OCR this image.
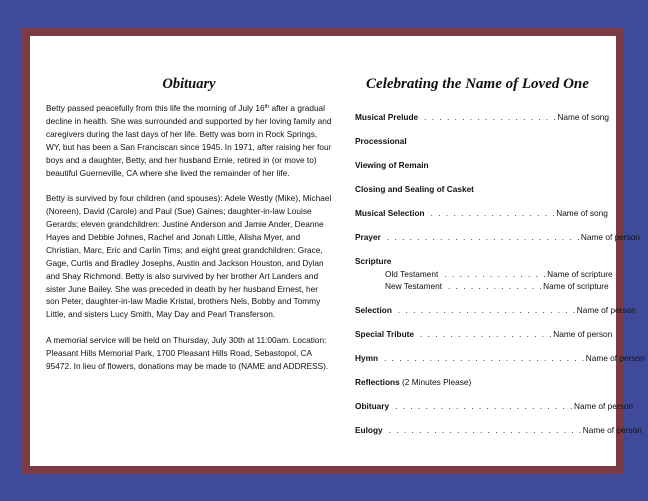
Obituary

Betty passed peacefully from this life the morning of July 16th after a gradual decline in health. She was surrounded and supported by her loving family and caregivers during the last days of her life. Betty was born in Rock Springs, WY, but has been a San Franciscan since 1945. In 1971, after raising her four boys and a daughter, Betty, and her husband Ernie, retired in (or move to) beautiful Guerneville, CA where she lived the remainder of her life.

Betty is survived by four children (and spouses): Adele Westly (Mike), Michael (Noreen), David (Carole) and Paul (Sue) Gaines; daughter-in-law Louise Gerards; eleven grandchildren: Justine Anderson and Jamie Ander, Deanne Hayes and Debbie Johnes, Rachel and Jonah Little, Alisha Myer, and Christian, Marc, Eric and Carlin Tims; and eight great grandchildren: Grace, Gage, Curtis and Bradley Josephs, Austin and Jackson Houston, and Dylan and Shay Richmond. Betty is also survived by her brother Art Landers and sister June Bailey. She was preceded in death by her husband Ernest, her son Peter, daughter-in-law Madie Kristal, brothers Nels, Bobby and Tommy Little, and sisters Lucy Smith, May Day and Pearl Transferson.

A memorial service will be held on Thursday, July 30th at 11:00am. Location: Pleasant Hills Memorial Park, 1700 Pleasant Hills Road, Sebastopol, CA 95472. In lieu of flowers, donations may be made to (NAME and ADDRESS).

Celebrating the Name of Loved One
Musical Prelude . . . . . . . . . . . . . . . . . .Name of song
Processional
Viewing of Remain
Closing and Sealing of Casket
Musical Selection . . . . . . . . . . . . . . . . .Name of song
Prayer . . . . . . . . . . . . . . . . . . . . . . . . . .Name of person
Scripture
Old Testament . . . . . . . . . . . . . .Name of scripture
New Testament . . . . . . . . . . . . .Name of scripture
Selection . . . . . . . . . . . . . . . . . . . . . . . .Name of person
Special Tribute . . . . . . . . . . . . . . . . . .Name of person
Hymn . . . . . . . . . . . . . . . . . . . . . . . . . . .Name of person
Reflections (2 Minutes Please)
Obituary . . . . . . . . . . . . . . . . . . . . . . . .Name of person
Eulogy . . . . . . . . . . . . . . . . . . . . . . . . . .Name of person
